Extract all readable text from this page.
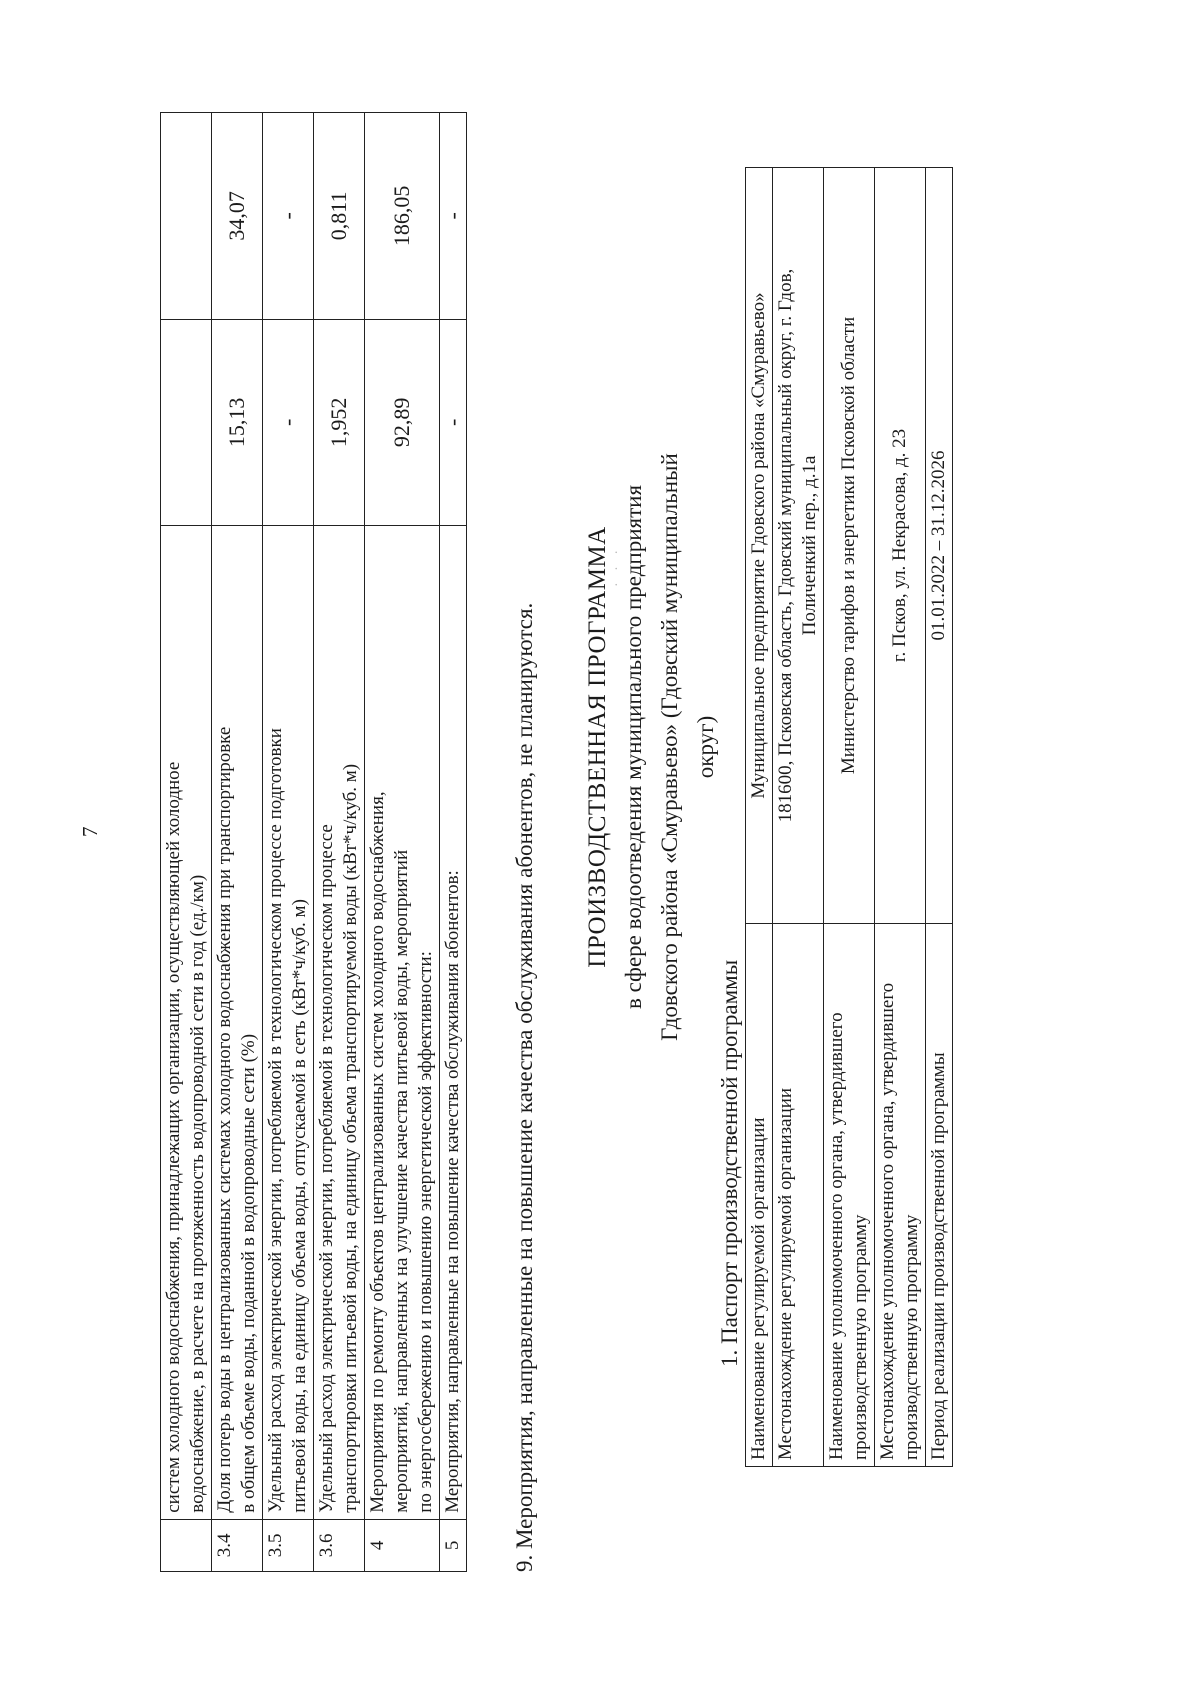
7

	систем холодного водоснабжения, принадлежащих организации, осуществляющей холодное водоснабжение, в расчете на протяженность водопроводной сети в год (ед./км)		

3.4	Доля потерь воды в централизованных системах холодного водоснабжения при транспортировке в общем объеме воды, поданной в водопроводные сети (%)	15,13	34,07
3.5	Удельный расход электрической энергии, потребляемой в технологическом процессе подготовки питьевой воды, на единицу объема воды, отпускаемой в сеть (кВт*ч/куб. м)	-	-
3.6	Удельный расход электрической энергии, потребляемой в технологическом процессе транспортировки питьевой воды, на единицу объема транспортируемой воды (кВт*ч/куб. м)	1,952	0,811
4	Мероприятия по ремонту объектов централизованных систем холодного водоснабжения, мероприятий, направленных на улучшение качества питьевой воды, мероприятий по энергосбережению и повышению энергетической эффективности:	92,89	186,05
5	Мероприятия, направленные на повышение качества обслуживания абонентов:	-	-
9. Мероприятия, направленные на повышение качества обслуживания абонентов, не планируются.
· · ·
ПРОИЗВОДСТВЕННАЯ ПРОГРАММА в сфере водоотведения муниципального предприятия Гдовского района «Смуравьево» (Гдовский муниципальный округ)
1. Паспорт производственной программы Наименование регулируемой организации	Муниципальное предприятие Гдовского района «Смуравьево»

Местонахождение регулируемой организации	181600, Псковская область, Гдовский муниципальный округ, г. Гдов, Поличенкий пер., д.1а

Наименование уполномоченного органа, утвердившего производственную программу	Министерство тарифов и энергетики Псковской области

Местонахождение уполномоченного органа, утвердившего производственную программу	г. Псков, ул. Некрасова, д. 23

Период реализации производственной программы	01.01.2022 – 31.12.2026
